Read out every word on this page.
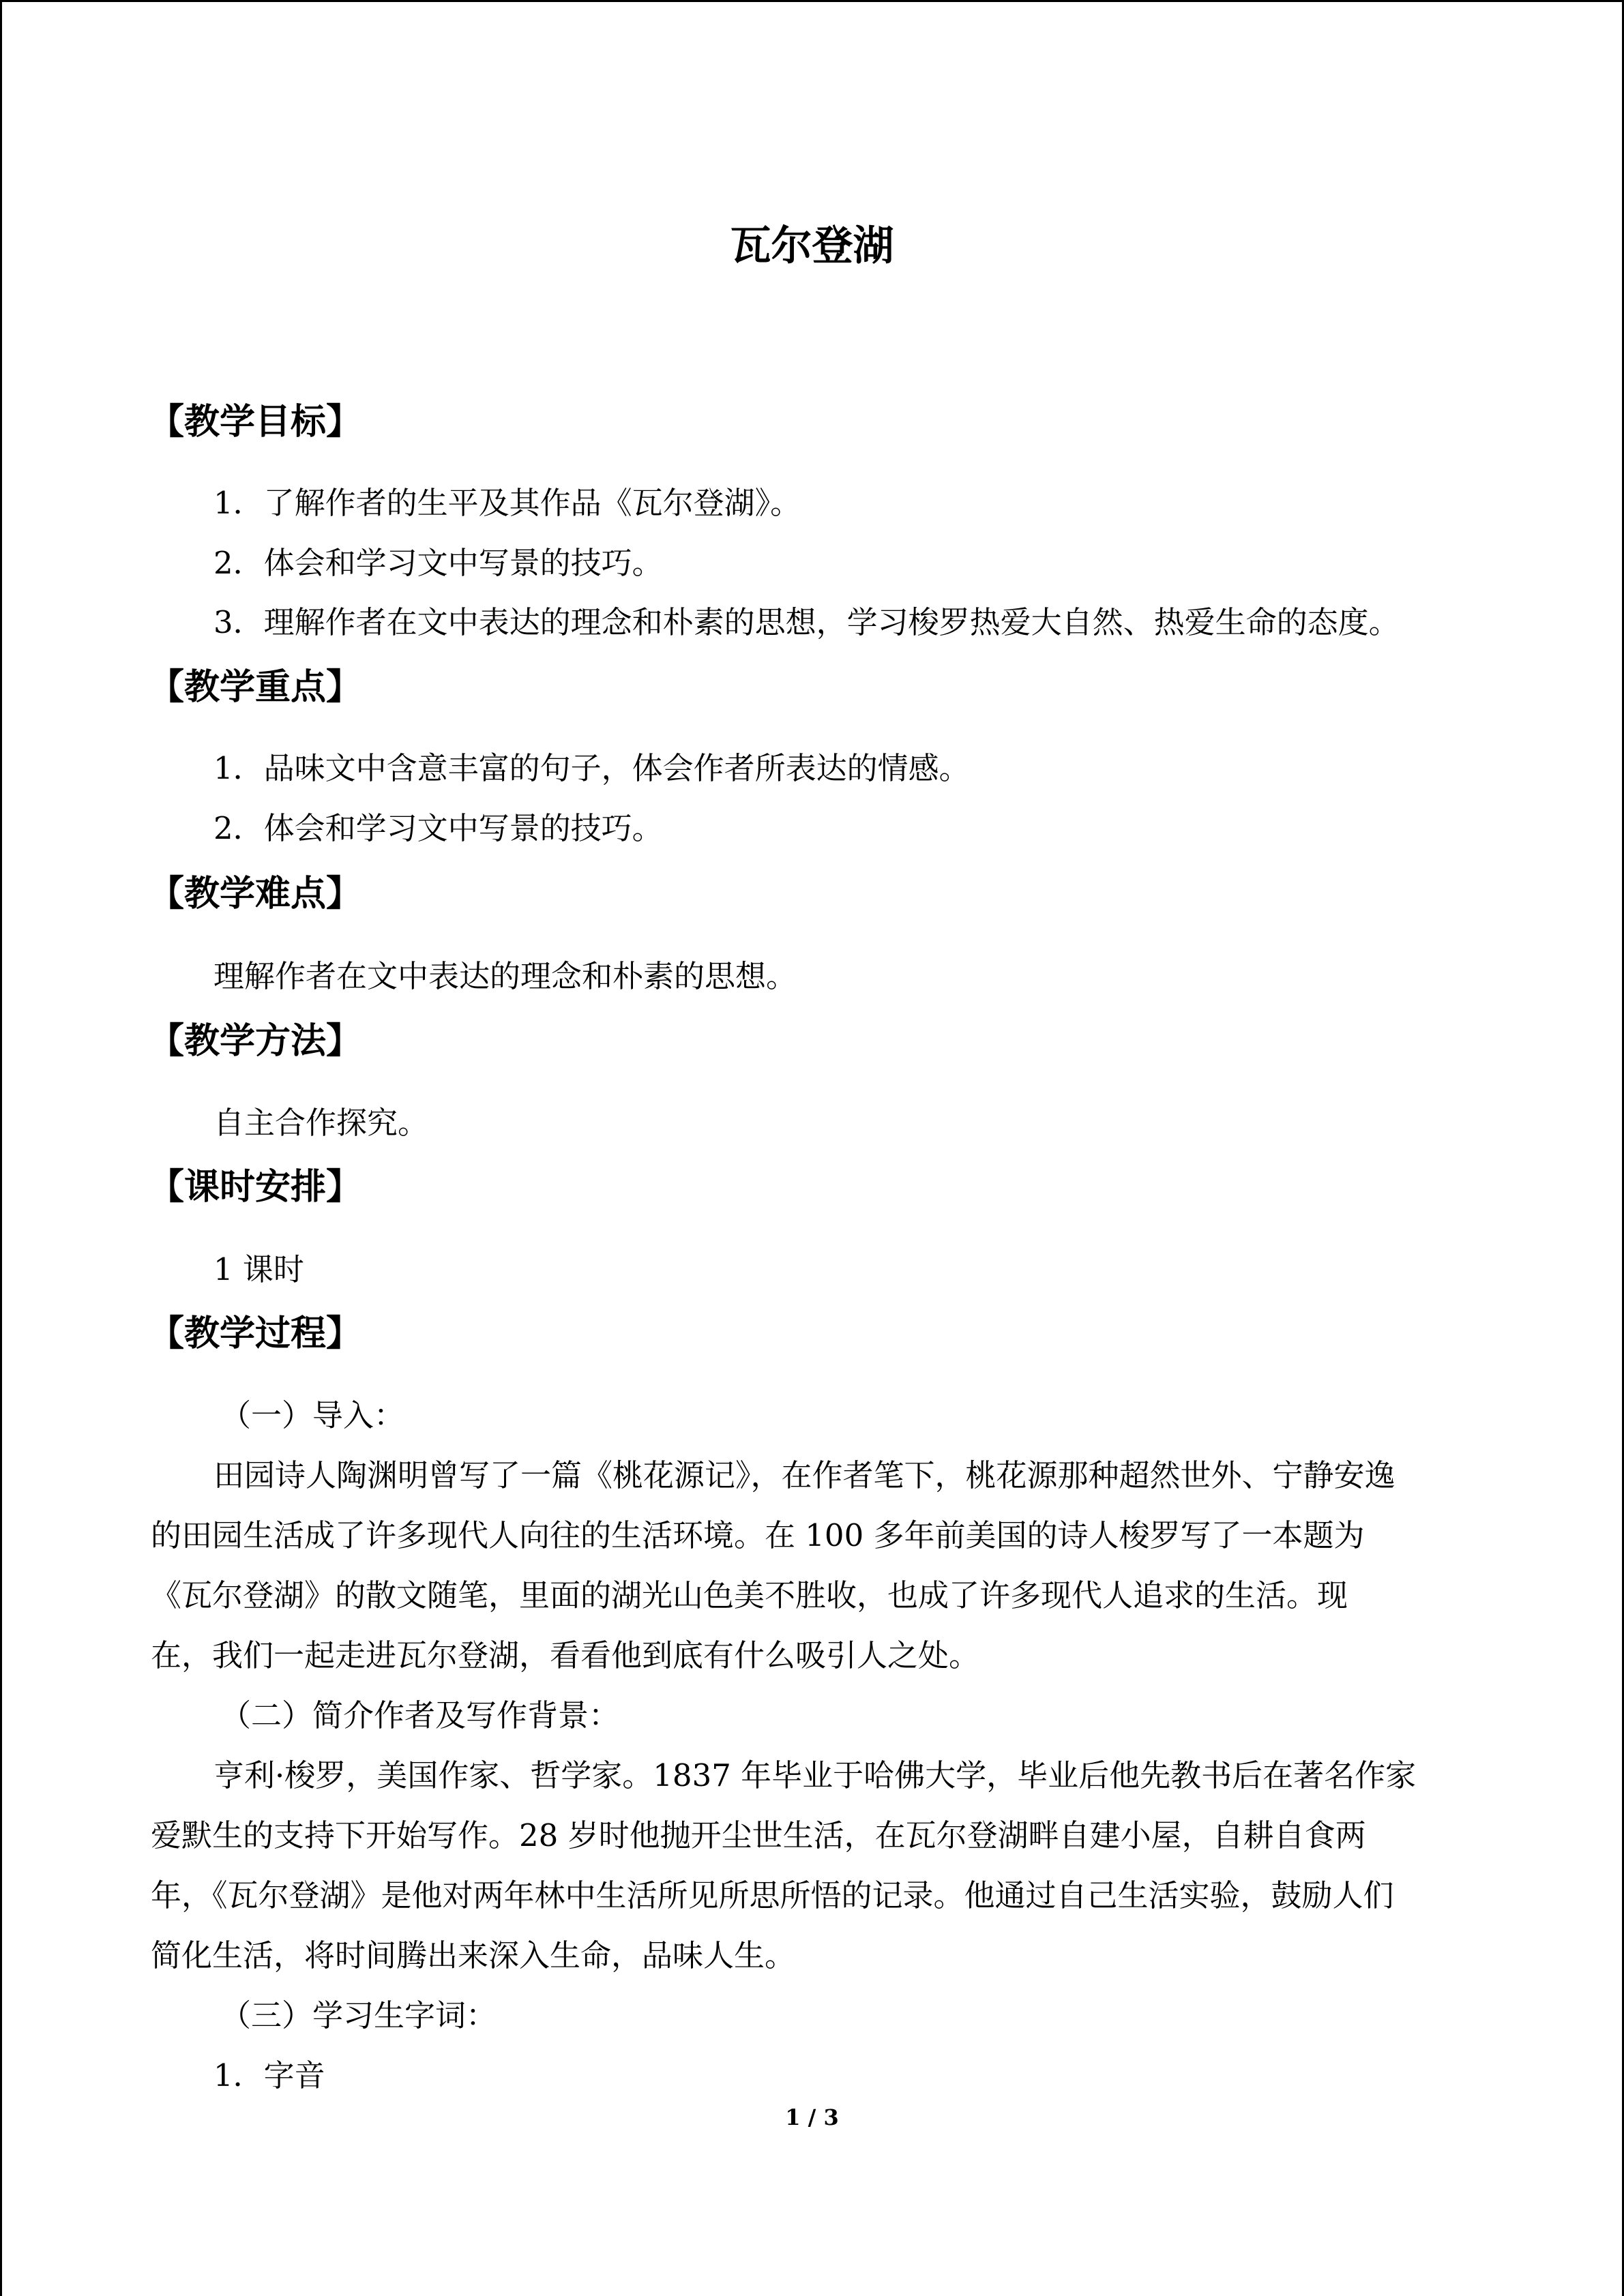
瓦尔登湖
【教学目标】
1．了解作者的生平及其作品《瓦尔登湖》。
2．体会和学习文中写景的技巧。
3．理解作者在文中表达的理念和朴素的思想，学习梭罗热爱大自然、热爱生命的态度。
【教学重点】
1．品味文中含意丰富的句子，体会作者所表达的情感。
2．体会和学习文中写景的技巧。
【教学难点】
理解作者在文中表达的理念和朴素的思想。
【教学方法】
自主合作探究。
【课时安排】
1 课时
【教学过程】
（一）导入：
田园诗人陶渊明曾写了一篇《桃花源记》，在作者笔下，桃花源那种超然世外、宁静安逸
的田园生活成了许多现代人向往的生活环境。在 100 多年前美国的诗人梭罗写了一本题为
《瓦尔登湖》的散文随笔，里面的湖光山色美不胜收，也成了许多现代人追求的生活。现
在，我们一起走进瓦尔登湖，看看他到底有什么吸引人之处。
（二）简介作者及写作背景：
亨利·梭罗，美国作家、哲学家。1837 年毕业于哈佛大学，毕业后他先教书后在著名作家
爱默生的支持下开始写作。28 岁时他抛开尘世生活，在瓦尔登湖畔自建小屋，自耕自食两
年，《瓦尔登湖》是他对两年林中生活所见所思所悟的记录。他通过自己生活实验，鼓励人们
简化生活，将时间腾出来深入生命，品味人生。
（三）学习生字词：
1．字音
1 / 3
